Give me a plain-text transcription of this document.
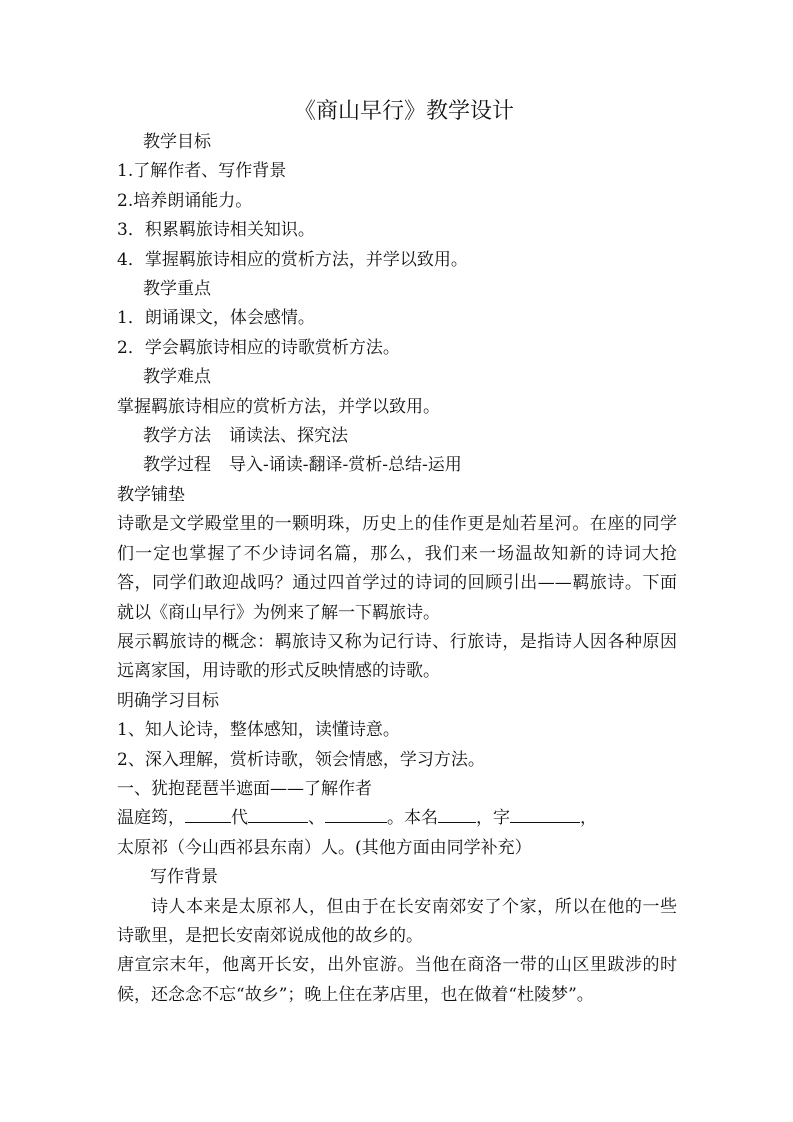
《商山早行》教学设计
教学目标
1.了解作者、写作背景
2.培养朗诵能力。
3．积累羁旅诗相关知识。
4．掌握羁旅诗相应的赏析方法，并学以致用。
教学重点
1．朗诵课文，体会感情。
2．学会羁旅诗相应的诗歌赏析方法。
教学难点
掌握羁旅诗相应的赏析方法，并学以致用。
教学方法 诵读法、探究法
教学过程 导入-诵读-翻译-赏析-总结-运用
教学铺垫
诗歌是文学殿堂里的一颗明珠，历史上的佳作更是灿若星河。在座的同学们一定也掌握了不少诗词名篇，那么，我们来一场温故知新的诗词大抢答，同学们敢迎战吗？通过四首学过的诗词的回顾引出——羁旅诗。下面就以《商山早行》为例来了解一下羁旅诗。
展示羁旅诗的概念：羁旅诗又称为记行诗、行旅诗，是指诗人因各种原因远离家国，用诗歌的形式反映情感的诗歌。
明确学习目标
1、知人论诗，整体感知，读懂诗意。
2、深入理解，赏析诗歌，领会情感，学习方法。
一、犹抱琵琶半遮面——了解作者
温庭筠，	代	、	。本名 ，字	，
太原祁（今山西祁县东南）人。(其他方面由同学补充）
写作背景
诗人本来是太原祁人，但由于在长安南郊安了个家，所以在他的一些诗歌里，是把长安南郊说成他的故乡的。
唐宣宗末年，他离开长安，出外宦游。当他在商洛一带的山区里跋涉的时候，还念念不忘“故乡”；晚上住在茅店里，也在做着“杜陵梦”。
